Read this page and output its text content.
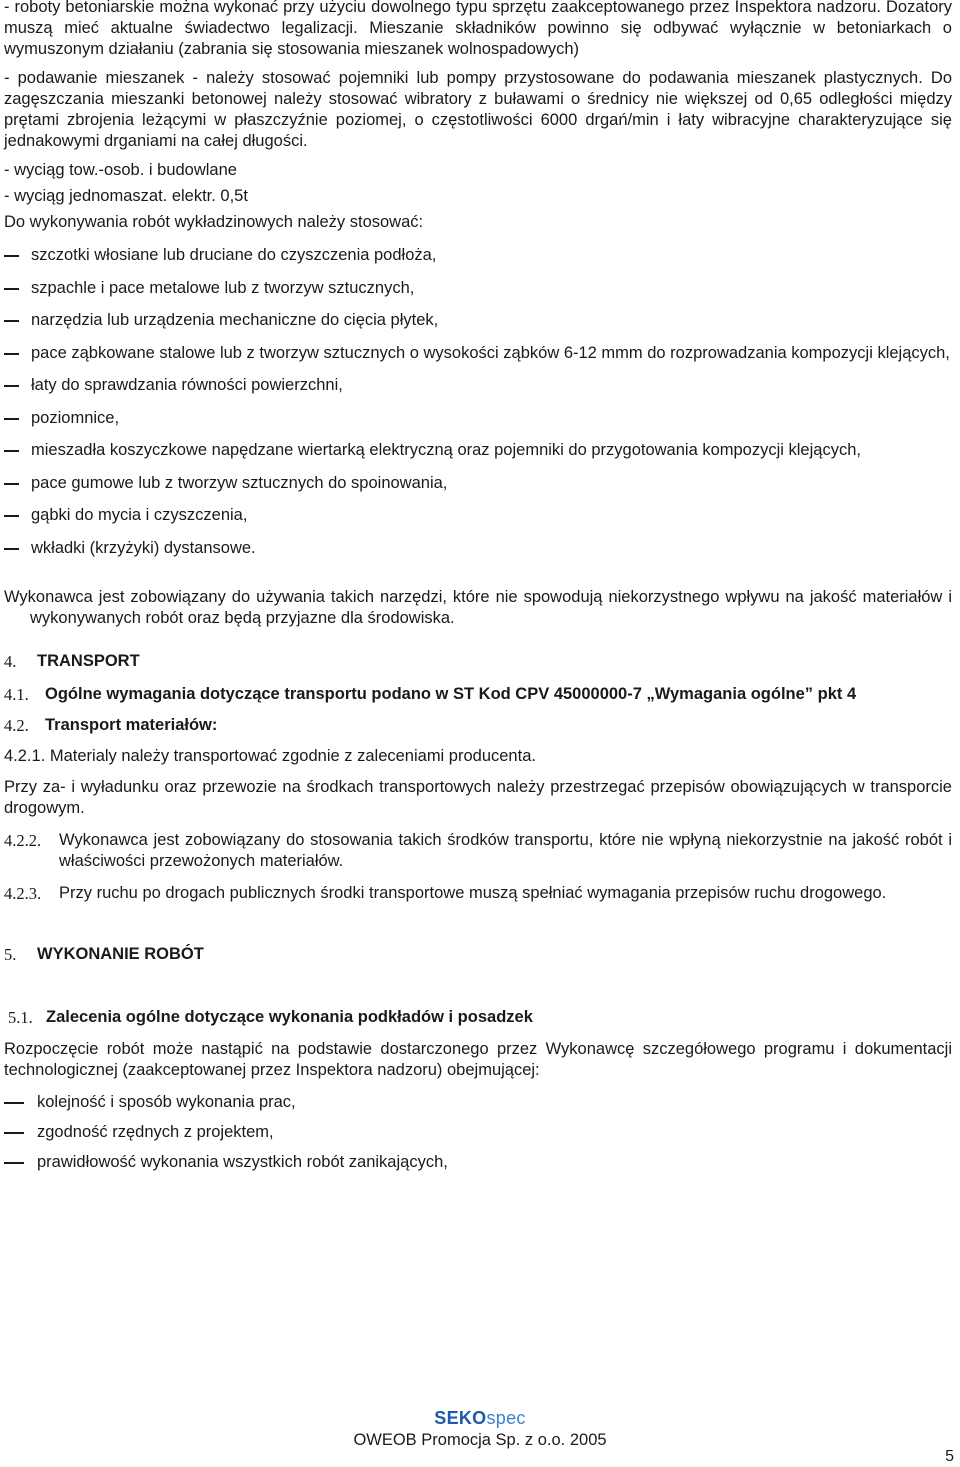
- roboty betoniarskie można wykonać przy użyciu dowolnego typu sprzętu zaakceptowanego przez Inspektora nadzoru. Dozatory muszą mieć aktualne świadectwo legalizacji. Mieszanie składników powinno się odbywać wyłącznie w betoniarkach o wymuszonym działaniu (zabrania się stosowania mieszanek wolnospadowych)

- podawanie mieszanek - należy stosować pojemniki lub pompy przystosowane do podawania mieszanek plastycznych. Do zagęszczania mieszanki betonowej należy stosować wibratory z buławami o średnicy nie większej od 0,65 odległości między prętami zbrojenia leżącymi w płaszczyźnie poziomej, o częstotliwości 6000 drgań/min i łaty wibracyjne charakteryzujące się jednakowymi drganiami na całej długości.

- wyciąg tow.-osob. i budowlane

- wyciąg jednomaszat. elektr. 0,5t

Do wykonywania robót wykładzinowych należy stosować:

szczotki włosiane lub druciane do czyszczenia podłoża,
szpachle i pace metalowe lub z tworzyw sztucznych,
narzędzia lub urządzenia mechaniczne do cięcia płytek,
pace ząbkowane stalowe lub z tworzyw sztucznych o wysokości ząbków 6-12 mmm do rozprowadzania kompozycji klejących,
łaty do sprawdzania równości powierzchni,
poziomnice,
mieszadła koszyczkowe napędzane wiertarką elektryczną oraz pojemniki do przygotowania kompozycji klejących,
pace gumowe lub z tworzyw sztucznych do spoinowania,
gąbki do mycia i czyszczenia,
wkładki (krzyżyki) dystansowe.

Wykonawca jest zobowiązany do używania takich narzędzi, które nie spowodują niekorzystnego wpływu na jakość materiałów i wykonywanych robót oraz będą przyjazne dla środowiska.

4.	TRANSPORT
4.1. Ogólne wymagania dotyczące transportu podano w ST Kod CPV 45000000-7 „Wymagania ogólne” pkt 4
4.2. Transport materiałów:

4.2.1. Materialy należy transportować zgodnie z zaleceniami producenta.

Przy za- i wyładunku oraz przewozie na środkach transportowych należy przestrzegać przepisów obowiązujących w transporcie drogowym.

4.2.2.	Wykonawca jest zobowiązany do stosowania takich środków transportu, które nie wpłyną niekorzystnie na jakość robót i właściwości przewożonych materiałów.
4.2.3.	Przy ruchu po drogach publicznych środki transportowe muszą spełniać wymagania przepisów ruchu drogowego.
5.	WYKONANIE ROBÓT
5.1. Zalecenia ogólne dotyczące wykonania podkładów i posadzek

Rozpoczęcie robót może nastąpić na podstawie dostarczonego przez Wykonawcę szczegółowego programu i dokumentacji technologicznej (zaakceptowanej przez Inspektora nadzoru) obejmującej:

kolejność i sposób wykonania prac,
zgodność rzędnych z projektem,
prawidłowość wykonania wszystkich robót zanikających,
SEKOspec
OWEOB Promocja Sp. z o.o. 2005
5
